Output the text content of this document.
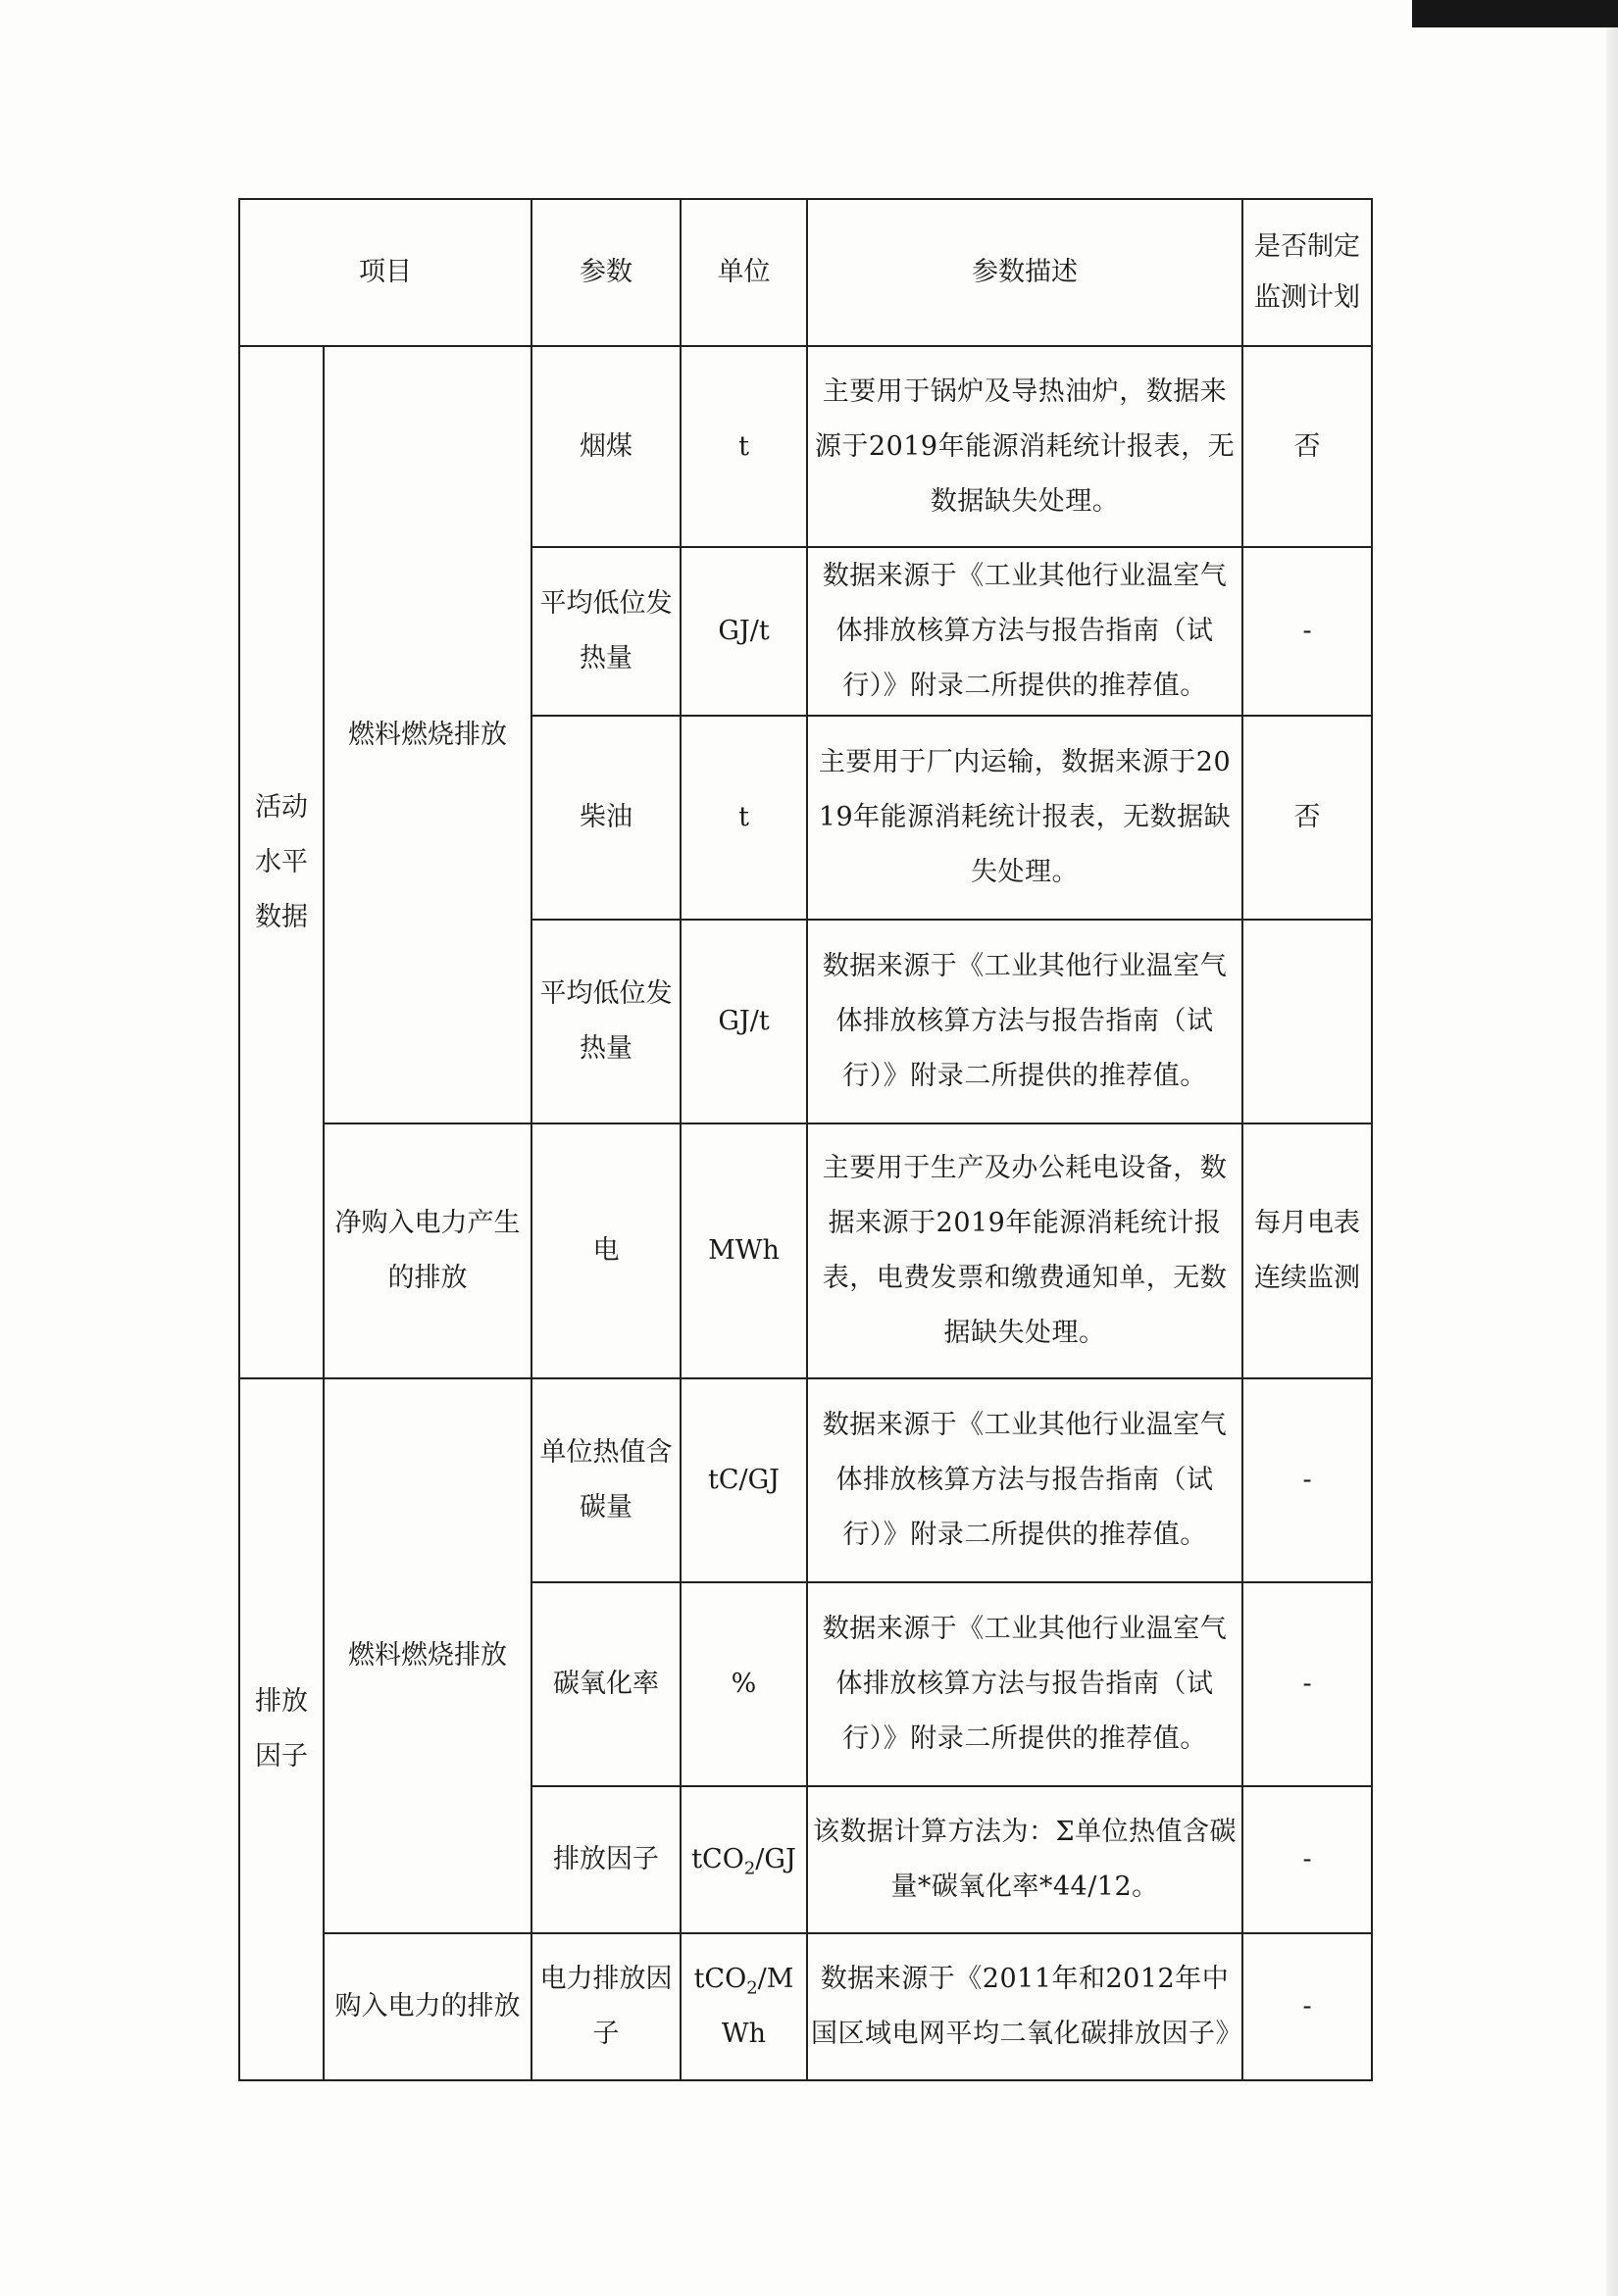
项目		参数	单位	参数描述	是否制定监测计划
活动水平数据	燃料燃烧排放	烟煤	t	主要用于锅炉及导热油炉，数据来源于2019年能源消耗统计报表，无数据缺失处理。	否
		平均低位发热量	GJ/t	数据来源于《工业其他行业温室气体排放核算方法与报告指南（试行）》附录二所提供的推荐值。	-
		柴油	t	主要用于厂内运输，数据来源于2019年能源消耗统计报表，无数据缺失处理。	否
		平均低位发热量	GJ/t	数据来源于《工业其他行业温室气体排放核算方法与报告指南（试行）》附录二所提供的推荐值。	
	净购入电力产生的排放	电	MWh	主要用于生产及办公耗电设备，数据来源于2019年能源消耗统计报表，电费发票和缴费通知单，无数据缺失处理。	每月电表连续监测
排放因子	燃料燃烧排放	单位热值含碳量	tC/GJ	数据来源于《工业其他行业温室气体排放核算方法与报告指南（试行）》附录二所提供的推荐值。	-
		碳氧化率	%	数据来源于《工业其他行业温室气体排放核算方法与报告指南（试行）》附录二所提供的推荐值。	-
		排放因子	tCO$_2$/GJ	该数据计算方法为：Σ单位热值含碳量*碳氧化率*44/12。	-
	购入电力的排放	电力排放因子	tCO$_2$/MWh	数据来源于《2011年和2012年中国区域电网平均二氧化碳排放因子》	-
